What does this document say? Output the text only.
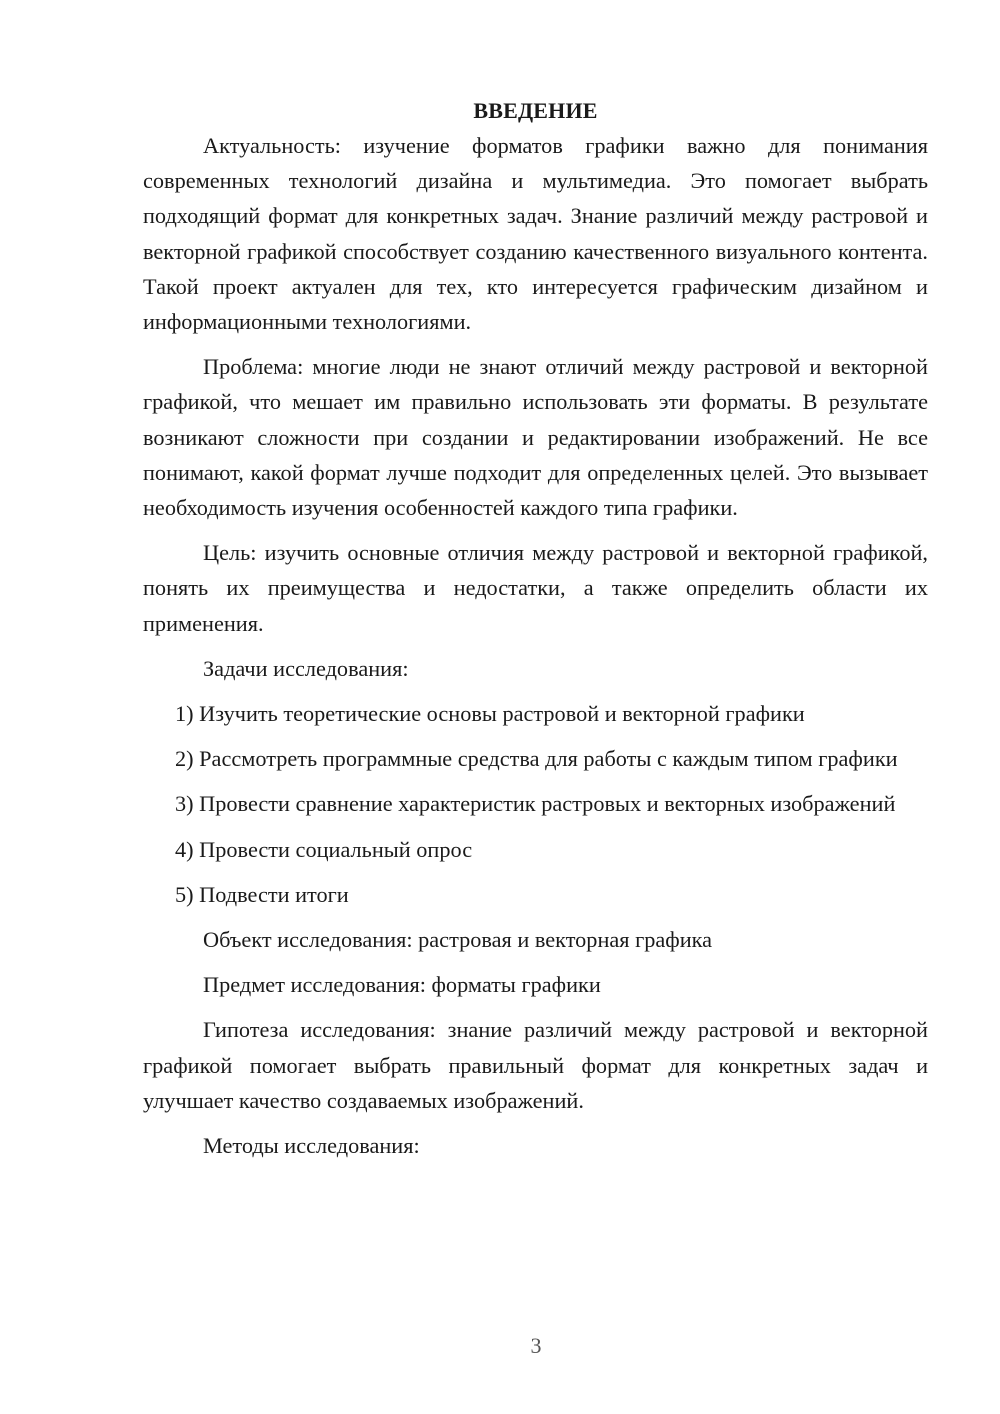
ВВЕДЕНИЕ

Актуальность: изучение форматов графики важно для понимания современных технологий дизайна и мультимедиа. Это помогает выбрать подходящий формат для конкретных задач. Знание различий между растровой и векторной графикой способствует созданию качественного визуального контента. Такой проект актуален для тех, кто интересуется графическим дизайном и информационными технологиями.

Проблема: многие люди не знают отличий между растровой и векторной графикой, что мешает им правильно использовать эти форматы. В результате возникают сложности при создании и редактировании изображений. Не все понимают, какой формат лучше подходит для определенных целей. Это вызывает необходимость изучения особенностей каждого типа графики.

Цель: изучить основные отличия между растровой и векторной графикой, понять их преимущества и недостатки, а также определить области их применения.

Задачи исследования:

1) Изучить теоретические основы растровой и векторной графики

2) Рассмотреть программные средства для работы с каждым типом графики

3) Провести сравнение характеристик растровых и векторных изображений

4) Провести социальный опрос

5) Подвести итоги

Объект исследования: растровая и векторная графика

Предмет исследования: форматы графики

Гипотеза исследования: знание различий между растровой и векторной графикой помогает выбрать правильный формат для конкретных задач и улучшает качество создаваемых изображений.

Методы исследования:

3
